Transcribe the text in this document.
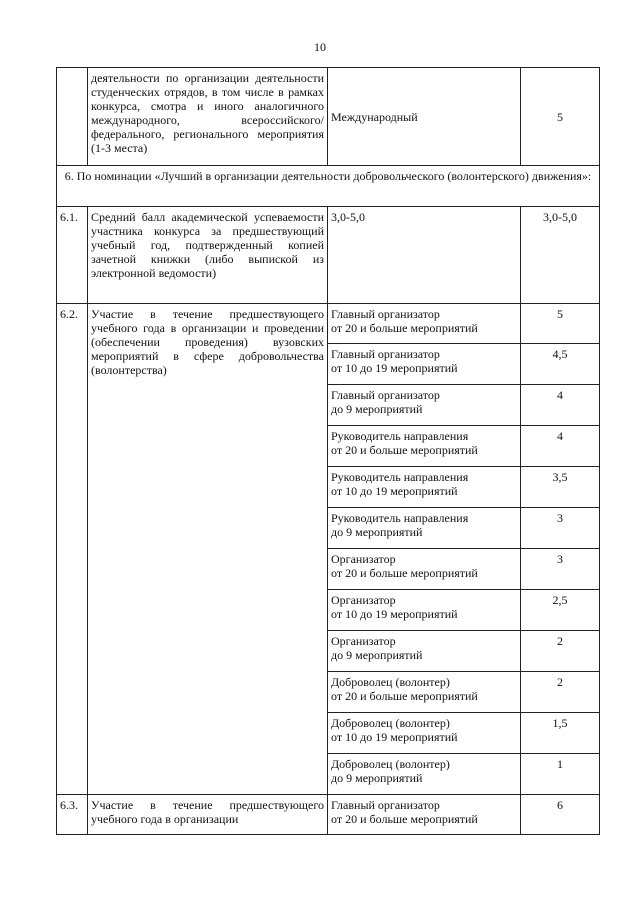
10
	деятельности по организации деятельности студенческих отрядов, в том числе в рамках конкурса, смотра и иного аналогичного международного, всероссийского/федерального, регионального мероприятия (1-3 места)	Международный	5
6. По номинации «Лучший в организации деятельности добровольческого (волонтерского) движения»:			
6.1.	Средний балл академической успеваемости участника конкурса за предшествующий учебный год, подтвержденный копией зачетной книжки (либо выпиской из электронной ведомости)	3,0-5,0	3,0-5,0
6.2.	Участие в течение предшествующего учебного года в организации и проведении (обеспечении проведения) вузовских мероприятий в сфере добровольчества (волонтерства)	Главный организатор
от 20 и больше мероприятий	5

		Главный организатор
от 10 до 19 мероприятий	4,5

		Главный организатор
до 9 мероприятий	4

		Руководитель направления
от 20 и больше мероприятий	4

		Руководитель направления
от 10 до 19 мероприятий	3,5

		Руководитель направления
до 9 мероприятий	3

		Организатор
от 20 и больше мероприятий	3

		Организатор
от 10 до 19 мероприятий	2,5

		Организатор
до 9 мероприятий	2

		Доброволец (волонтер)
от 20 и больше мероприятий	2

		Доброволец (волонтер)
от 10 до 19 мероприятий	1,5

		Доброволец (волонтер)
до 9 мероприятий	1
6.3.	Участие в течение предшествующего учебного года в организации	Главный организатор
от 20 и больше мероприятий	6
